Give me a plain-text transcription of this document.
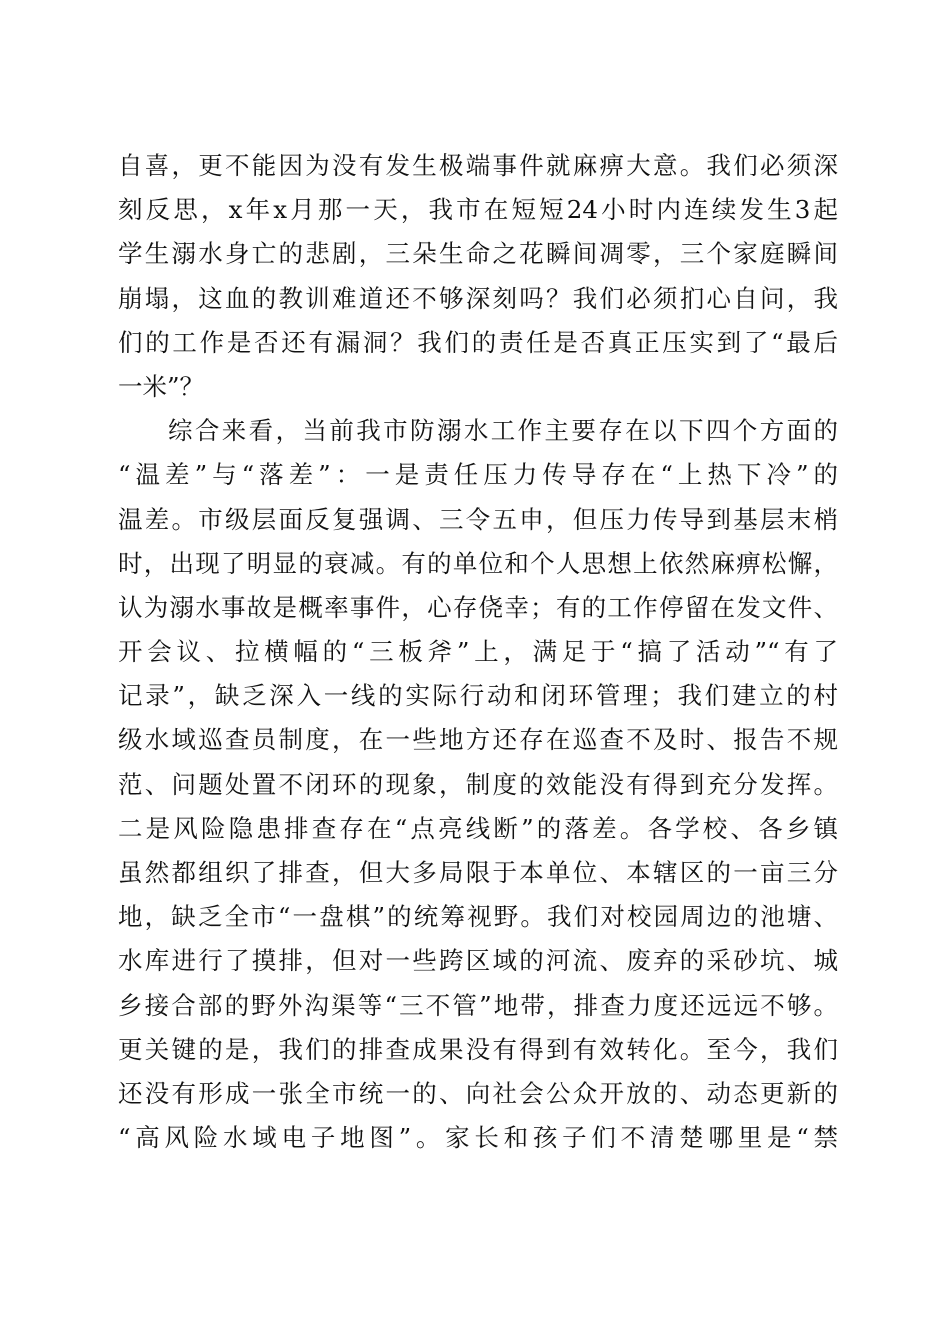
自喜，更不能因为没有发生极端事件就麻痹大意。我们必须深
刻反思，x年x月那一天，我市在短短24小时内连续发生3起
学生溺水身亡的悲剧，三朵生命之花瞬间凋零，三个家庭瞬间
崩塌，这血的教训难道还不够深刻吗？我们必须扪心自问，我
们的工作是否还有漏洞？我们的责任是否真正压实到了“最后
一米”？
综合来看，当前我市防溺水工作主要存在以下四个方面的
“温差”与“落差”：一是责任压力传导存在“上热下冷”的
温差。市级层面反复强调、三令五申，但压力传导到基层末梢
时，出现了明显的衰减。有的单位和个人思想上依然麻痹松懈，
认为溺水事故是概率事件，心存侥幸；有的工作停留在发文件、
开会议、拉横幅的“三板斧”上，满足于“搞了活动”“有了
记录”，缺乏深入一线的实际行动和闭环管理；我们建立的村
级水域巡查员制度，在一些地方还存在巡查不及时、报告不规
范、问题处置不闭环的现象，制度的效能没有得到充分发挥。
二是风险隐患排查存在“点亮线断”的落差。各学校、各乡镇
虽然都组织了排查，但大多局限于本单位、本辖区的一亩三分
地，缺乏全市“一盘棋”的统筹视野。我们对校园周边的池塘、
水库进行了摸排，但对一些跨区域的河流、废弃的采砂坑、城
乡接合部的野外沟渠等“三不管”地带，排查力度还远远不够。
更关键的是，我们的排查成果没有得到有效转化。至今，我们
还没有形成一张全市统一的、向社会公众开放的、动态更新的
“高风险水域电子地图”。家长和孩子们不清楚哪里是“禁
